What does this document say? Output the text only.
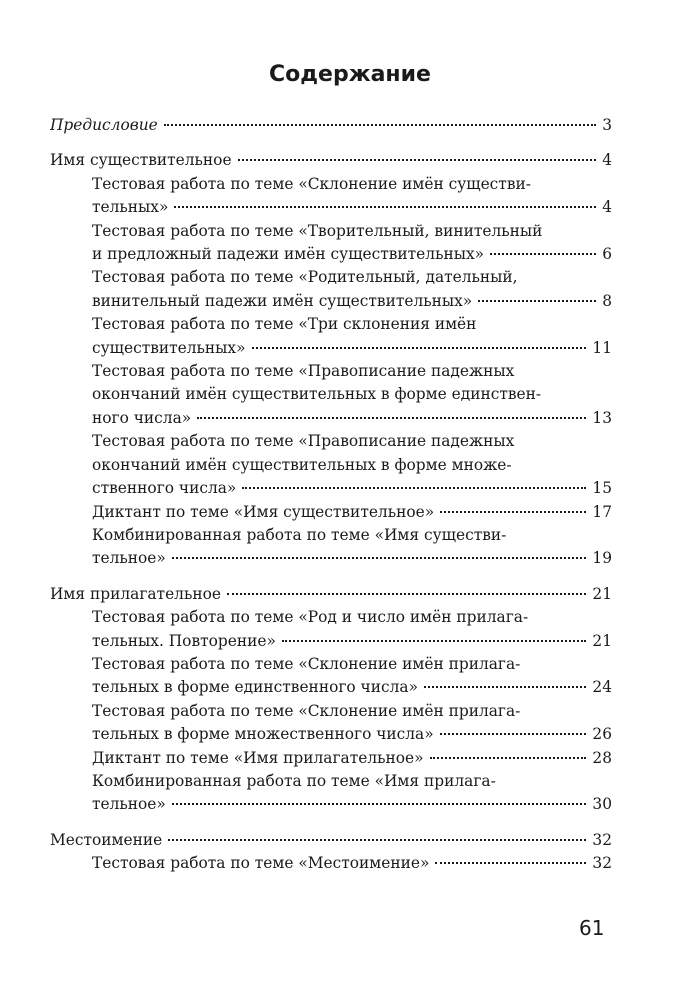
Содержание
Предисловие	3
Имя существительное	4
Тестовая работа по теме «Склонение имён существи-
тельных»	4
Тестовая работа по теме «Творительный, винительный
и предложный падежи имён существительных»	6
Тестовая работа по теме «Родительный, дательный,
винительный падежи имён существительных»	8
Тестовая работа по теме «Три склонения имён
существительных»	11
Тестовая работа по теме «Правописание падежных
окончаний имён существительных в форме единствен-
ного числа»	13
Тестовая работа по теме «Правописание падежных
окончаний имён существительных в форме множе-
ственного числа»	15
Диктант по теме «Имя существительное»	17
Комбинированная работа по теме «Имя существи-
тельное»	19
Имя прилагательное	21
Тестовая работа по теме «Род и число имён прилага-
тельных. Повторение»	21
Тестовая работа по теме «Склонение имён прилага-
тельных в форме единственного числа»	24
Тестовая работа по теме «Склонение имён прилага-
тельных в форме множественного числа»	26
Диктант по теме «Имя прилагательное»	28
Комбинированная работа по теме «Имя прилага-
тельное»	30
Местоимение	32
Тестовая работа по теме «Местоимение»	32
61
